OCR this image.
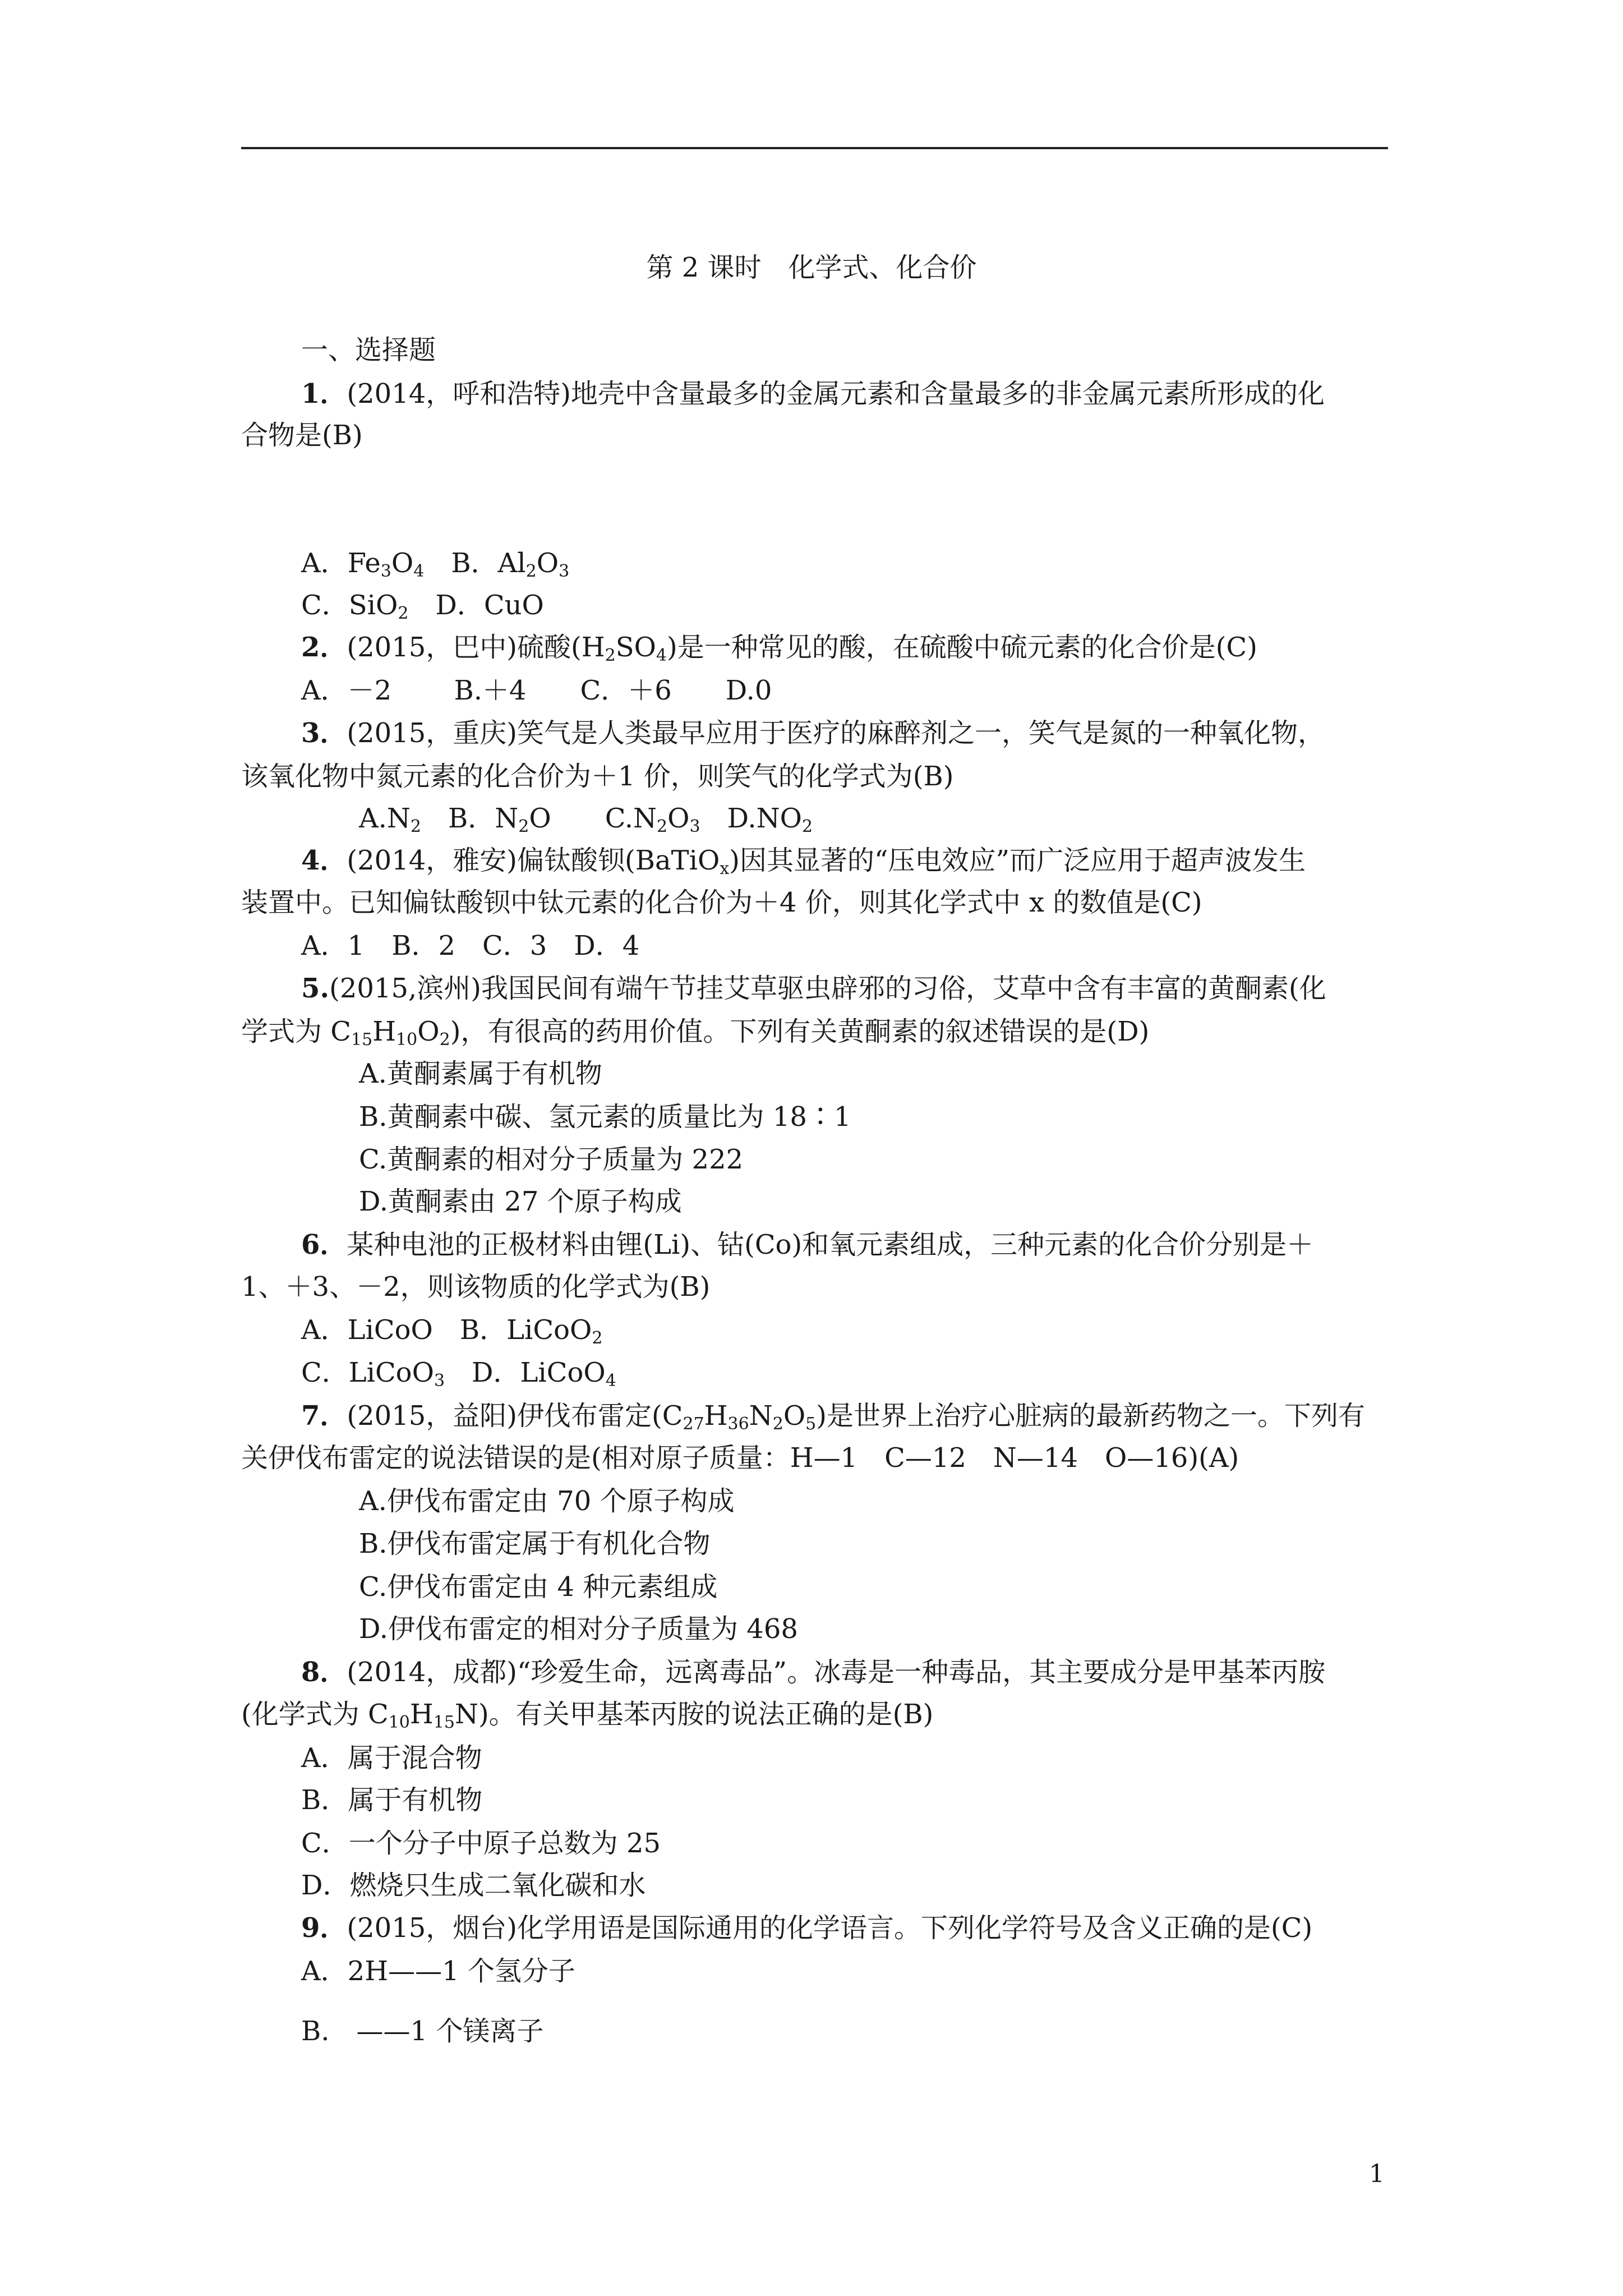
第 2 课时　化学式、化合价
一、选择题
1．(2014，呼和浩特)地壳中含量最多的金属元素和含量最多的非金属元素所形成的化
合物是(B)
A．$Fe_3O_4$　B．$Al_2O_3$
C．SiO$_2$　D．CuO
2．(2015，巴中)硫酸$(H_2SO_4)$是一种常见的酸，在硫酸中硫元素的化合价是(C)
A．－2　　 B.＋4　　C．＋6　　D.0
3．(2015，重庆)笑气是人类最早应用于医疗的麻醉剂之一，笑气是氮的一种氧化物，
该氧化物中氮元素的化合价为＋1 价，则笑气的化学式为(B)
$A.N_2$　B．$N_2O$　　$C.N_2O_3$　$D.NO_2$
4．(2014，雅安)偏钛酸钡(BaTiO$_x$)因其显著的“压电效应”而广泛应用于超声波发生
装置中。已知偏钛酸钡中钛元素的化合价为＋4 价，则其化学式中 x 的数值是(C)
A．1　B．2　C．3　D．4
5.(2015,滨州)我国民间有端午节挂艾草驱虫辟邪的习俗，艾草中含有丰富的黄酮素(化
学式为 $C_{15}H_{10}O_2$)，有很高的药用价值。下列有关黄酮素的叙述错误的是(D)
A.黄酮素属于有机物
B.黄酮素中碳、氢元素的质量比为 18∶1
C.黄酮素的相对分子质量为 222
D.黄酮素由 27 个原子构成
6．某种电池的正极材料由锂(Li)、钴(Co)和氧元素组成，三种元素的化合价分别是＋
1、＋3、－2，则该物质的化学式为(B)
A．LiCoO　B．LiCoO$_2$
C．LiCoO$_3$　D．LiCoO$_4$
7．(2015，益阳)伊伐布雷定$(C_{27}H_{36}N_2O_5)$是世界上治疗心脏病的最新药物之一。下列有
关伊伐布雷定的说法错误的是(相对原子质量：H—1　C—12　N—14　O—16)(A)
A.伊伐布雷定由 70 个原子构成
B.伊伐布雷定属于有机化合物
C.伊伐布雷定由 4 种元素组成
D.伊伐布雷定的相对分子质量为 468
8．(2014，成都)“珍爱生命，远离毒品”。冰毒是一种毒品，其主要成分是甲基苯丙胺
(化学式为 $C_{10}H_{15}N$)。有关甲基苯丙胺的说法正确的是(B)
A．属于混合物
B．属于有机物
C．一个分子中原子总数为 25
D．燃烧只生成二氧化碳和水
9．(2015，烟台)化学用语是国际通用的化学语言。下列化学符号及含义正确的是(C)
A．2H——1 个氢分子
B.　——1 个镁离子
1
